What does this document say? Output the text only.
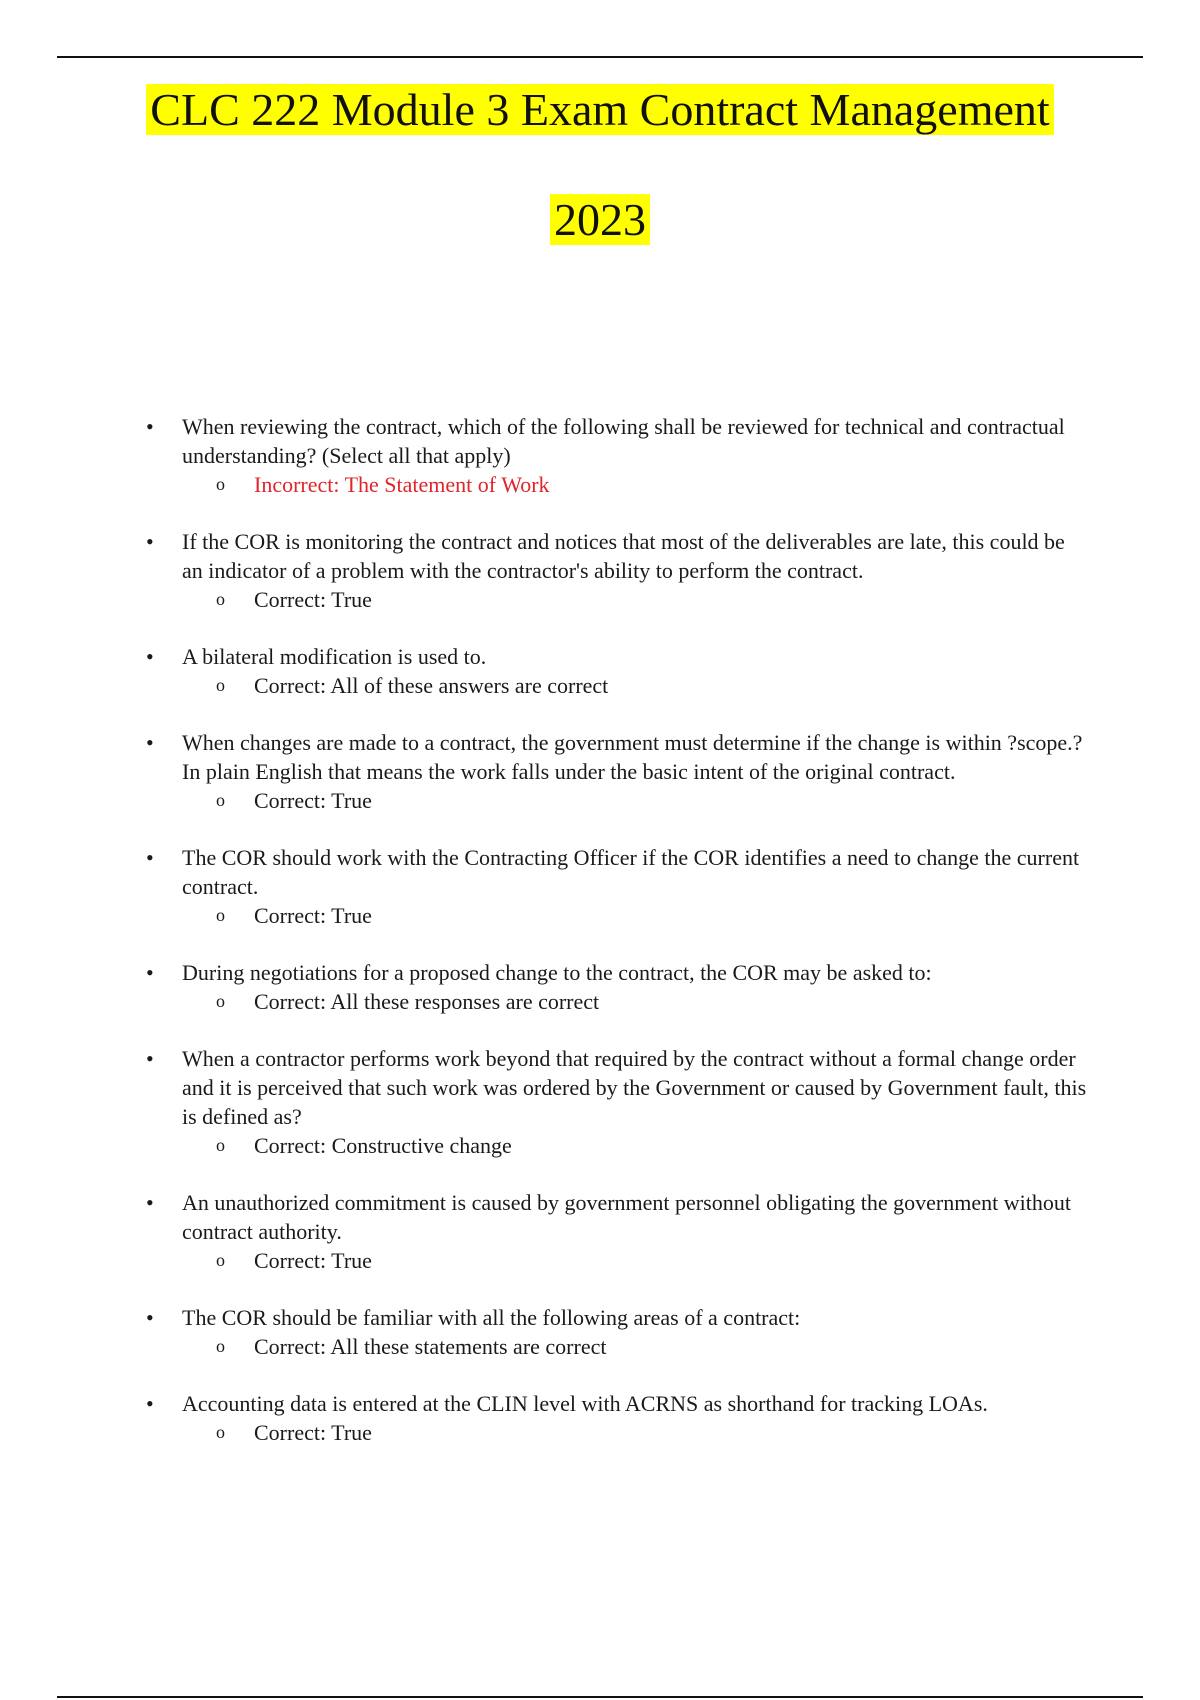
CLC 222 Module 3 Exam Contract Management
2023
• When reviewing the contract, which of the following shall be reviewed for technical and contractual understanding? (Select all that apply)
o Incorrect: The Statement of Work
• If the COR is monitoring the contract and notices that most of the deliverables are late, this could be an indicator of a problem with the contractor's ability to perform the contract.
o Correct: True
• A bilateral modification is used to.
o Correct: All of these answers are correct
• When changes are made to a contract, the government must determine if the change is within ?scope.? In plain English that means the work falls under the basic intent of the original contract.
o Correct: True
• The COR should work with the Contracting Officer if the COR identifies a need to change the current contract.
o Correct: True
• During negotiations for a proposed change to the contract, the COR may be asked to:
o Correct: All these responses are correct
• When a contractor performs work beyond that required by the contract without a formal change order and it is perceived that such work was ordered by the Government or caused by Government fault, this is defined as?
o Correct: Constructive change
• An unauthorized commitment is caused by government personnel obligating the government without contract authority.
o Correct: True
• The COR should be familiar with all the following areas of a contract:
o Correct: All these statements are correct
• Accounting data is entered at the CLIN level with ACRNS as shorthand for tracking LOAs.
o Correct: True
